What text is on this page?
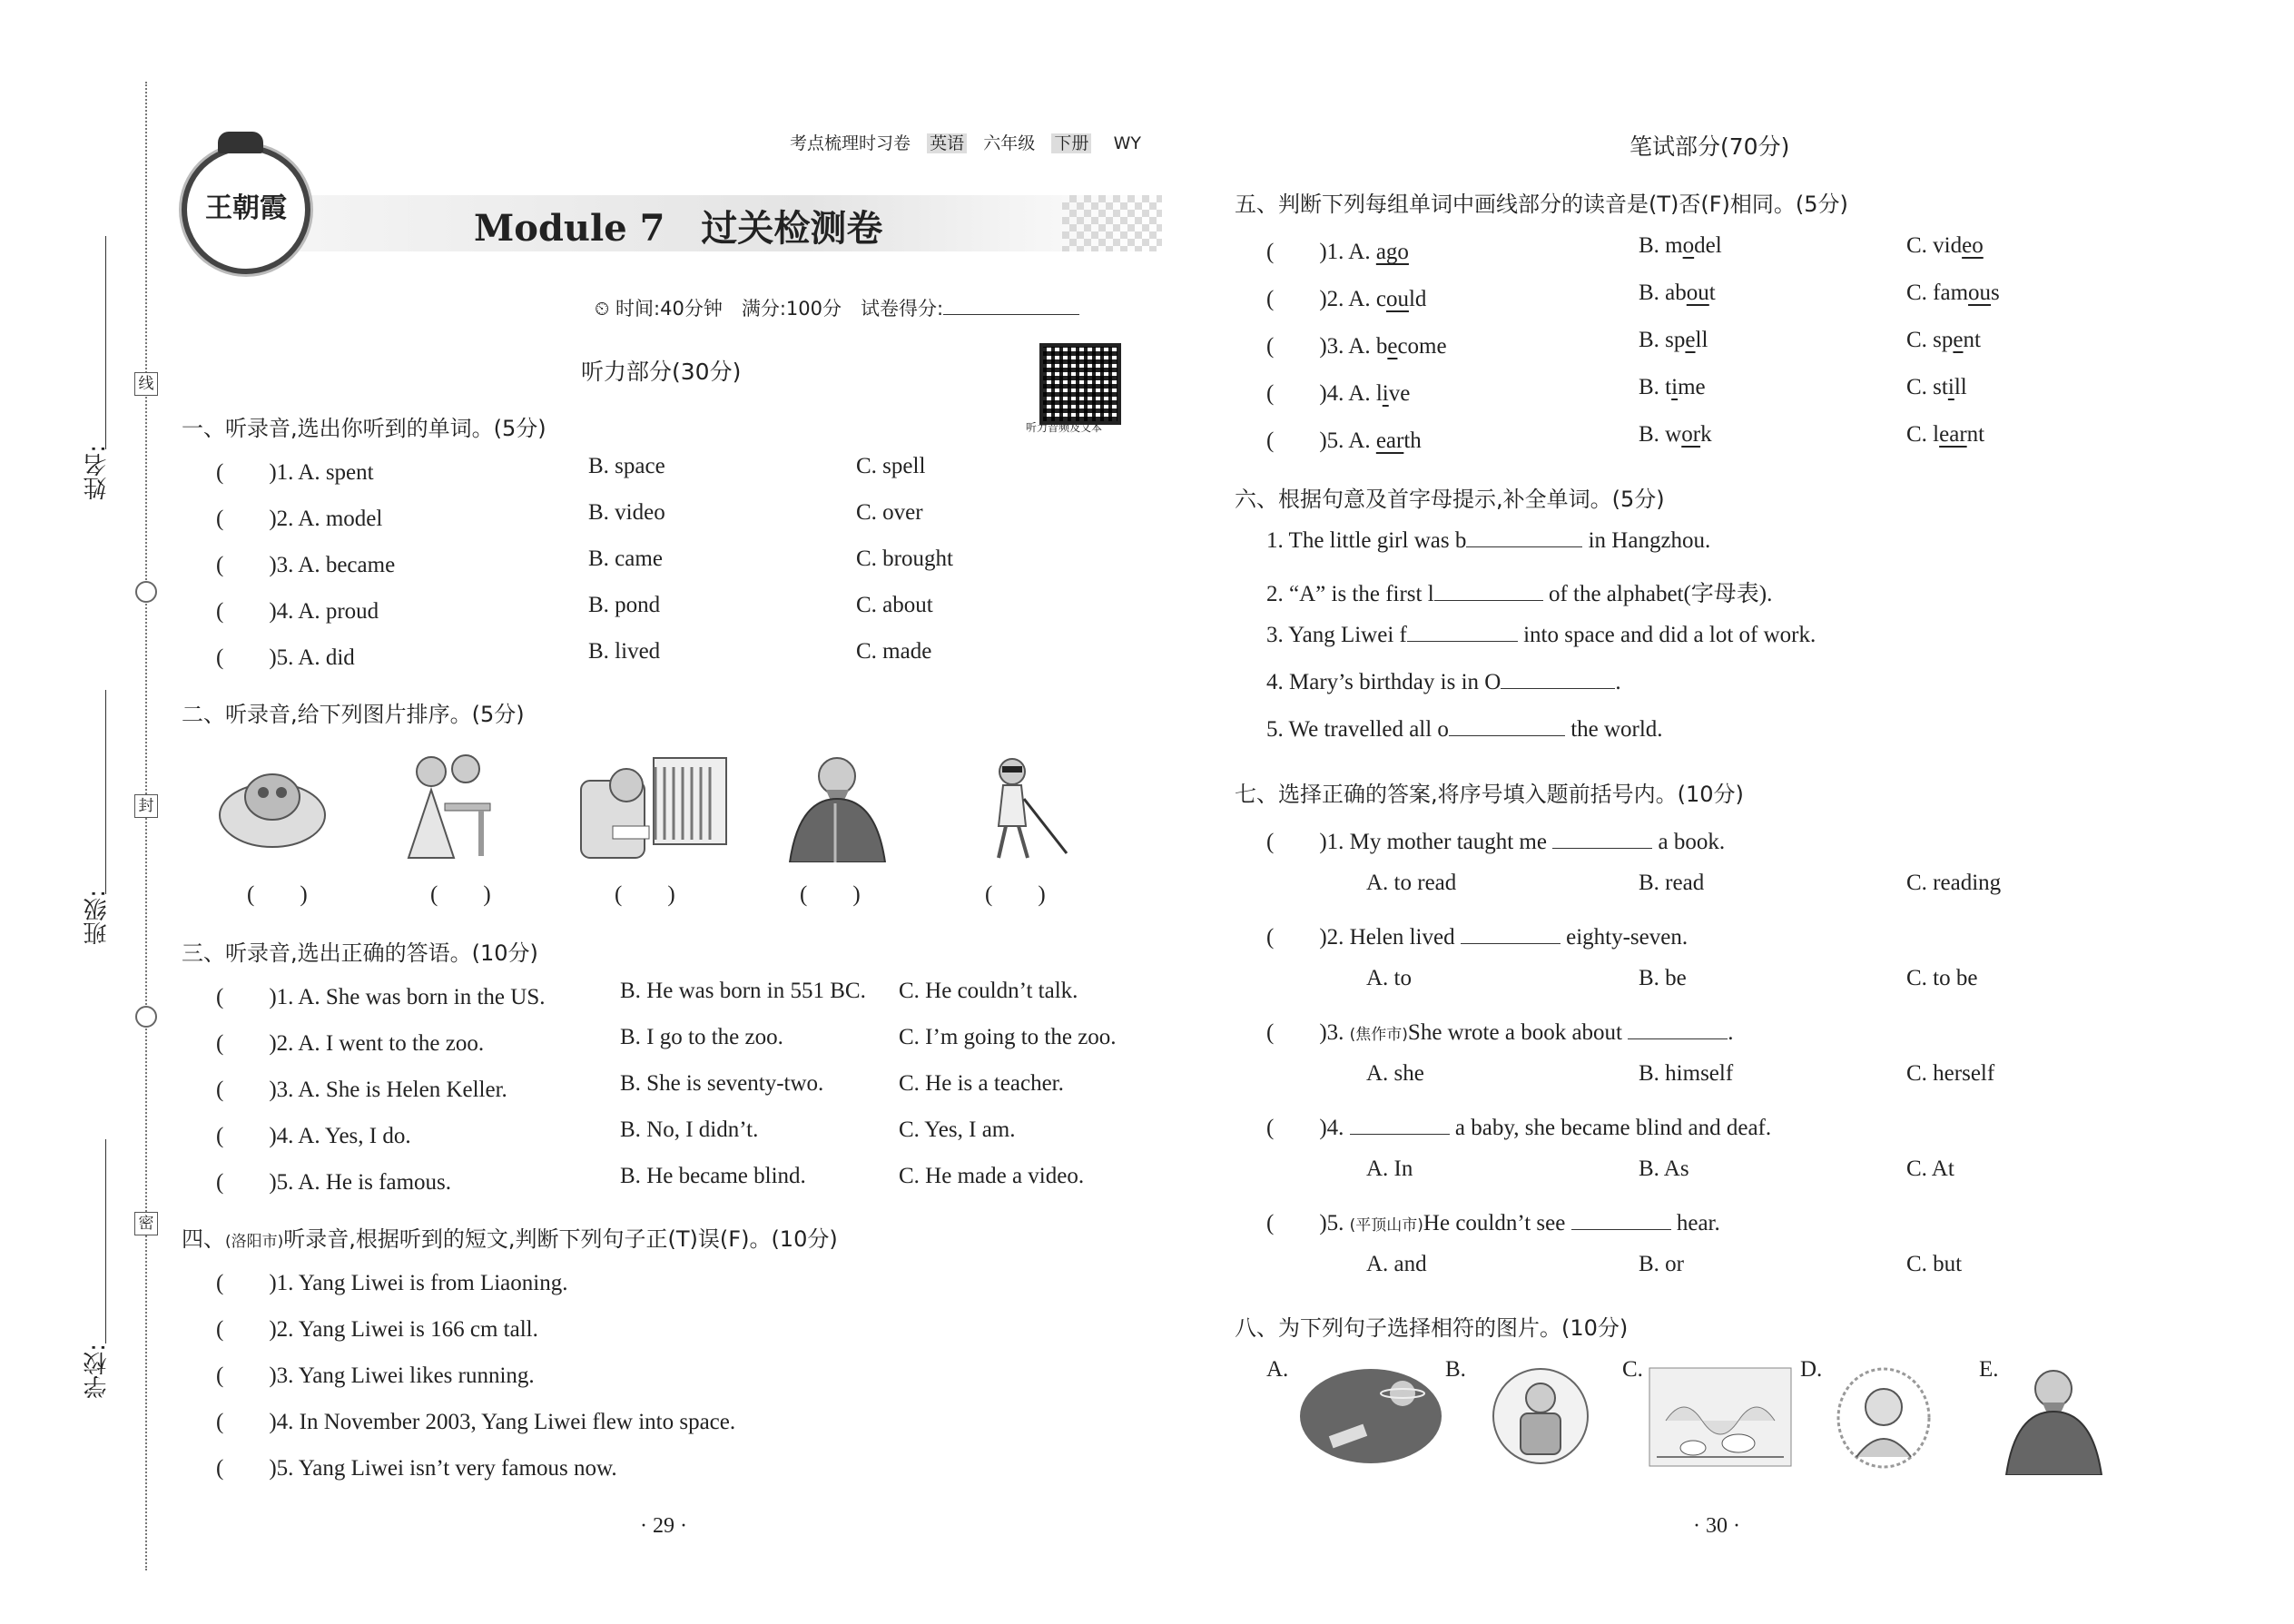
线
封
密
姓名:
班级:
学校:
王朝霞
考点梳理时习卷 英语 六年级 下册 WY
Module 7　过关检测卷
⏲ 时间:40分钟　满分:100分　试卷得分:
听力音频及文本
听力部分(30分)
一、听录音,选出你听到的单词。(5分)
(　　)1. A. spent	B. space	C. spell
(　　)2. A. model	B. video	C. over
(　　)3. A. became	B. came	C. brought
(　　)4. A. proud	B. pond	C. about
(　　)5. A. did	B. lived	C. made
二、听录音,给下列图片排序。(5分)
(　　)	(　　)	(　　)	(　　)	(　　)
三、听录音,选出正确的答语。(10分)
(　　)1. A. She was born in the US.	B. He was born in 551 BC. C. He couldn’t talk.
(　　)2. A. I went to the zoo.	B. I go to the zoo.	C. I’m going to the zoo.
(　　)3. A. She is Helen Keller.	B. She is seventy-two.	C. He is a teacher.
(　　)4. A. Yes, I do.	B. No, I didn’t.	C. Yes, I am.
(　　)5. A. He is famous.	B. He became blind.	C. He made a video.
四、(洛阳市)听录音,根据听到的短文,判断下列句子正(T)误(F)。(10分)
(　　)1. Yang Liwei is from Liaoning.
(　　)2. Yang Liwei is 166 cm tall.
(　　)3. Yang Liwei likes running.
(　　)4. In November 2003, Yang Liwei flew into space.
(　　)5. Yang Liwei isn’t very famous now.
· 29 ·
笔试部分(70分)
五、判断下列每组单词中画线部分的读音是(T)否(F)相同。(5分)
(　　)1. A. ago	B. model	C. video
(　　)2. A. could	B. about	C. famous
(　　)3. A. become	B. spell	C. spent
(　　)4. A. live	B. time	C. still
(　　)5. A. earth	B. work	C. learnt
六、根据句意及首字母提示,补全单词。(5分)
1. The little girl was b	in Hangzhou.
2. “A” is the first l	of the alphabet(字母表).
3. Yang Liwei f	into space and did a lot of work.
4. Mary’s birthday is in O	.
5. We travelled all o	the world.
七、选择正确的答案,将序号填入题前括号内。(10分)
(　　)1. My mother taught me	a book.
A. to read	B. read	C. reading
(　　)2. Helen lived	eighty-seven.
A. to	B. be	C. to be
(　　)3. (焦作市)She wrote a book about	.
A. she	B. himself	C. herself
(　　)4.	a baby, she became blind and deaf.
A. In	B. As	C. At
(　　)5. (平顶山市)He couldn’t see	hear.
A. and	B. or	C. but
八、为下列句子选择相符的图片。(10分)
A.	B.	C.	D.	E.
· 30 ·
